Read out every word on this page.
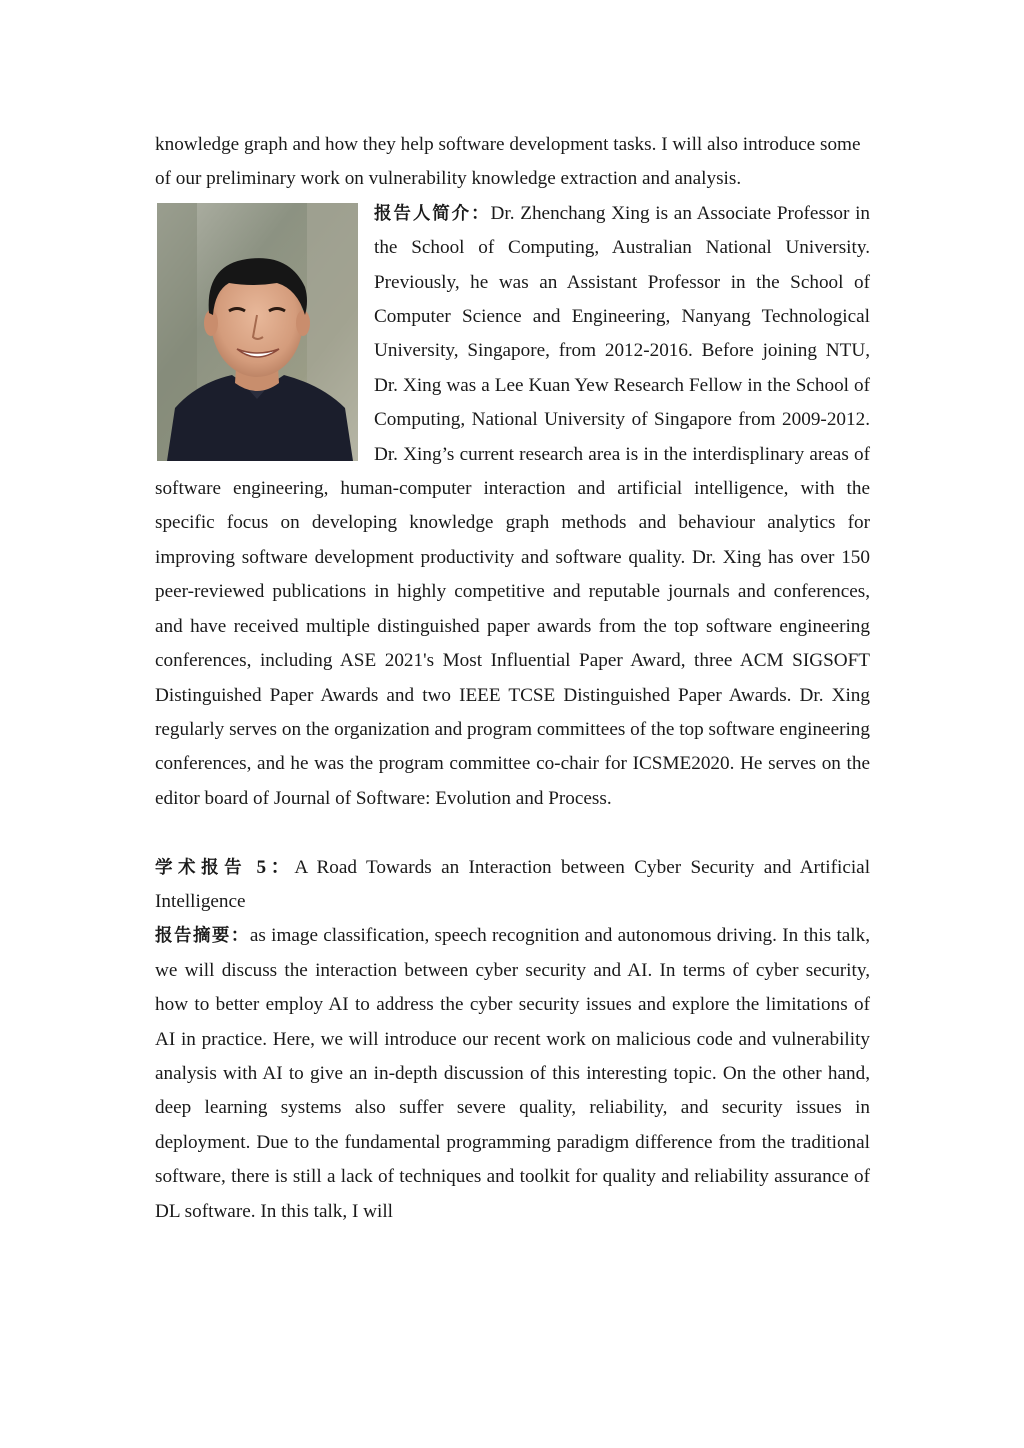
knowledge graph and how they help software development tasks. I will also introduce some of our preliminary work on vulnerability knowledge extraction and analysis.

报告人简介：Dr. Zhenchang Xing is an Associate Professor in the School of Computing, Australian National University. Previously, he was an Assistant Professor in the School of Computer Science and Engineering, Nanyang Technological University, Singapore, from 2012-2016. Before joining NTU, Dr. Xing was a Lee Kuan Yew Research Fellow in the School of Computing, National University of Singapore from 2009-2012. Dr. Xing’s current research area is in the interdisplinary areas of software engineering, human-computer interaction and artificial intelligence, with the specific focus on developing knowledge graph methods and behaviour analytics for improving software development productivity and software quality. Dr. Xing has over 150 peer-reviewed publications in highly competitive and reputable journals and conferences, and have received multiple distinguished paper awards from the top software engineering conferences, including ASE 2021's Most Influential Paper Award, three ACM SIGSOFT Distinguished Paper Awards and two IEEE TCSE Distinguished Paper Awards. Dr. Xing regularly serves on the organization and program committees of the top software engineering conferences, and he was the program committee co-chair for ICSME2020. He serves on the editor board of Journal of Software: Evolution and Process.

学术报告 5：A Road Towards an Interaction between Cyber Security and Artificial Intelligence

报告摘要：as image classification, speech recognition and autonomous driving. In this talk, we will discuss the interaction between cyber security and AI. In terms of cyber security, how to better employ AI to address the cyber security issues and explore the limitations of AI in practice. Here, we will introduce our recent work on malicious code and vulnerability analysis with AI to give an in-depth discussion of this interesting topic. On the other hand, deep learning systems also suffer severe quality, reliability, and security issues in deployment. Due to the fundamental programming paradigm difference from the traditional software, there is still a lack of techniques and toolkit for quality and reliability assurance of DL software. In this talk, I will
